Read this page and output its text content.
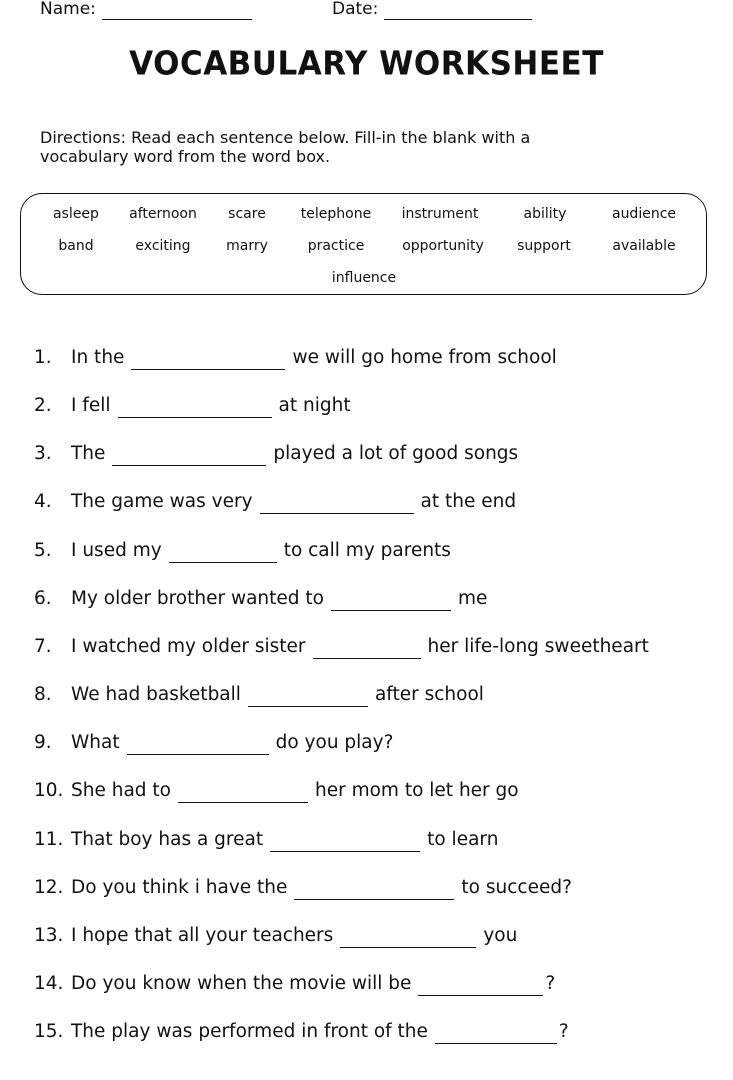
Name:	Date:
VOCABULARY WORKSHEET
Directions: Read each sentence below. Fill-in the blank with a vocabulary word from the word box.
asleep afternoon scare telephone instrument	ability	audience
band	exciting	marry	practice	opportunity support	available
influence
1. In the	we will go home from school
2. I fell	at night
3. The	played a lot of good songs
4. The game was very	at the end
5. I used my	to call my parents
6. My older brother wanted to	me
7. I watched my older sister	her life-long sweetheart
8. We had basketball	after school
9. What	do you play?
10. She had to	her mom to let her go
11. That boy has a great	to learn
12. Do you think i have the	to succeed?
13. I hope that all your teachers	you
14. Do you know when the movie will be	?
15. The play was performed in front of the	?
